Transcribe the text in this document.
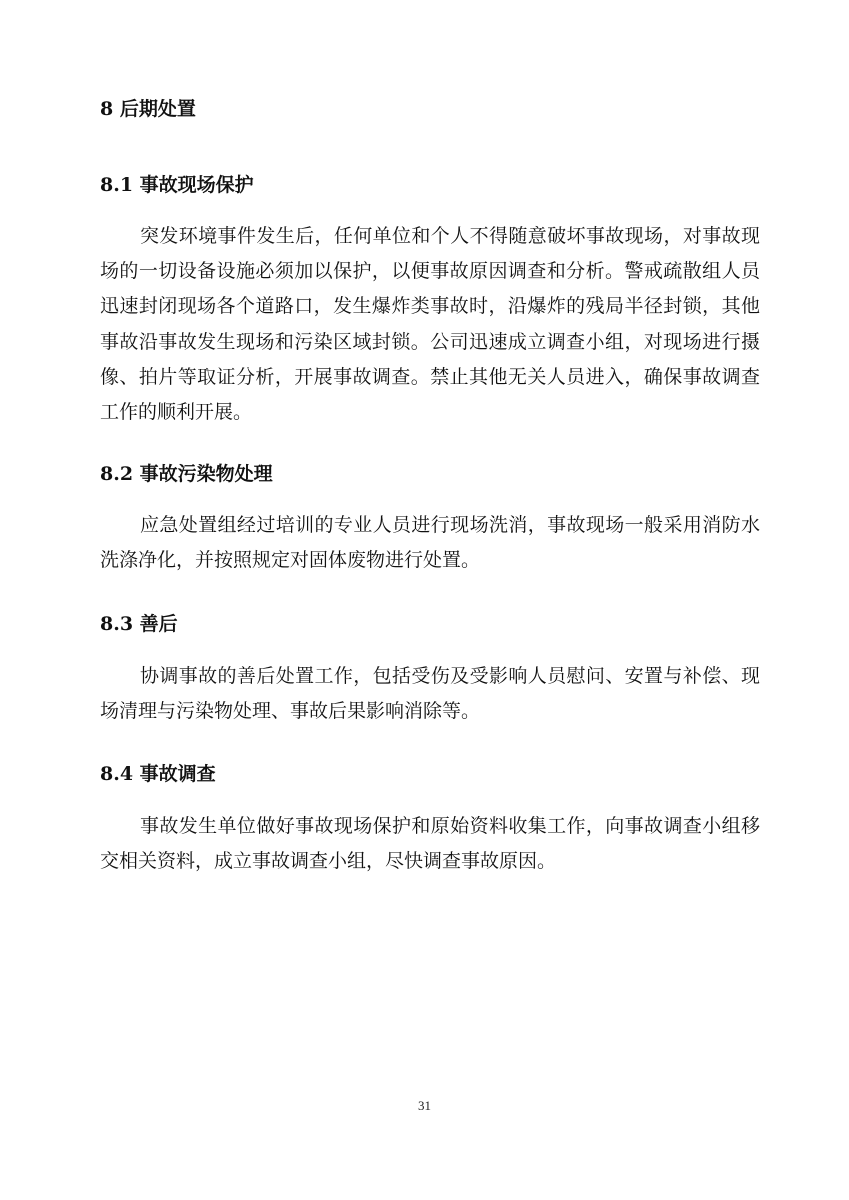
8 后期处置
8.1 事故现场保护

突发环境事件发生后，任何单位和个人不得随意破坏事故现场，对事故现场的一切设备设施必须加以保护，以便事故原因调查和分析。警戒疏散组人员迅速封闭现场各个道路口，发生爆炸类事故时，沿爆炸的残局半径封锁，其他事故沿事故发生现场和污染区域封锁。公司迅速成立调查小组，对现场进行摄像、拍片等取证分析，开展事故调查。禁止其他无关人员进入，确保事故调查工作的顺利开展。

8.2 事故污染物处理

应急处置组经过培训的专业人员进行现场洗消，事故现场一般采用消防水洗涤净化，并按照规定对固体废物进行处置。

8.3 善后

协调事故的善后处置工作，包括受伤及受影响人员慰问、安置与补偿、现场清理与污染物处理、事故后果影响消除等。

8.4 事故调查

事故发生单位做好事故现场保护和原始资料收集工作，向事故调查小组移交相关资料，成立事故调查小组，尽快调查事故原因。

31
